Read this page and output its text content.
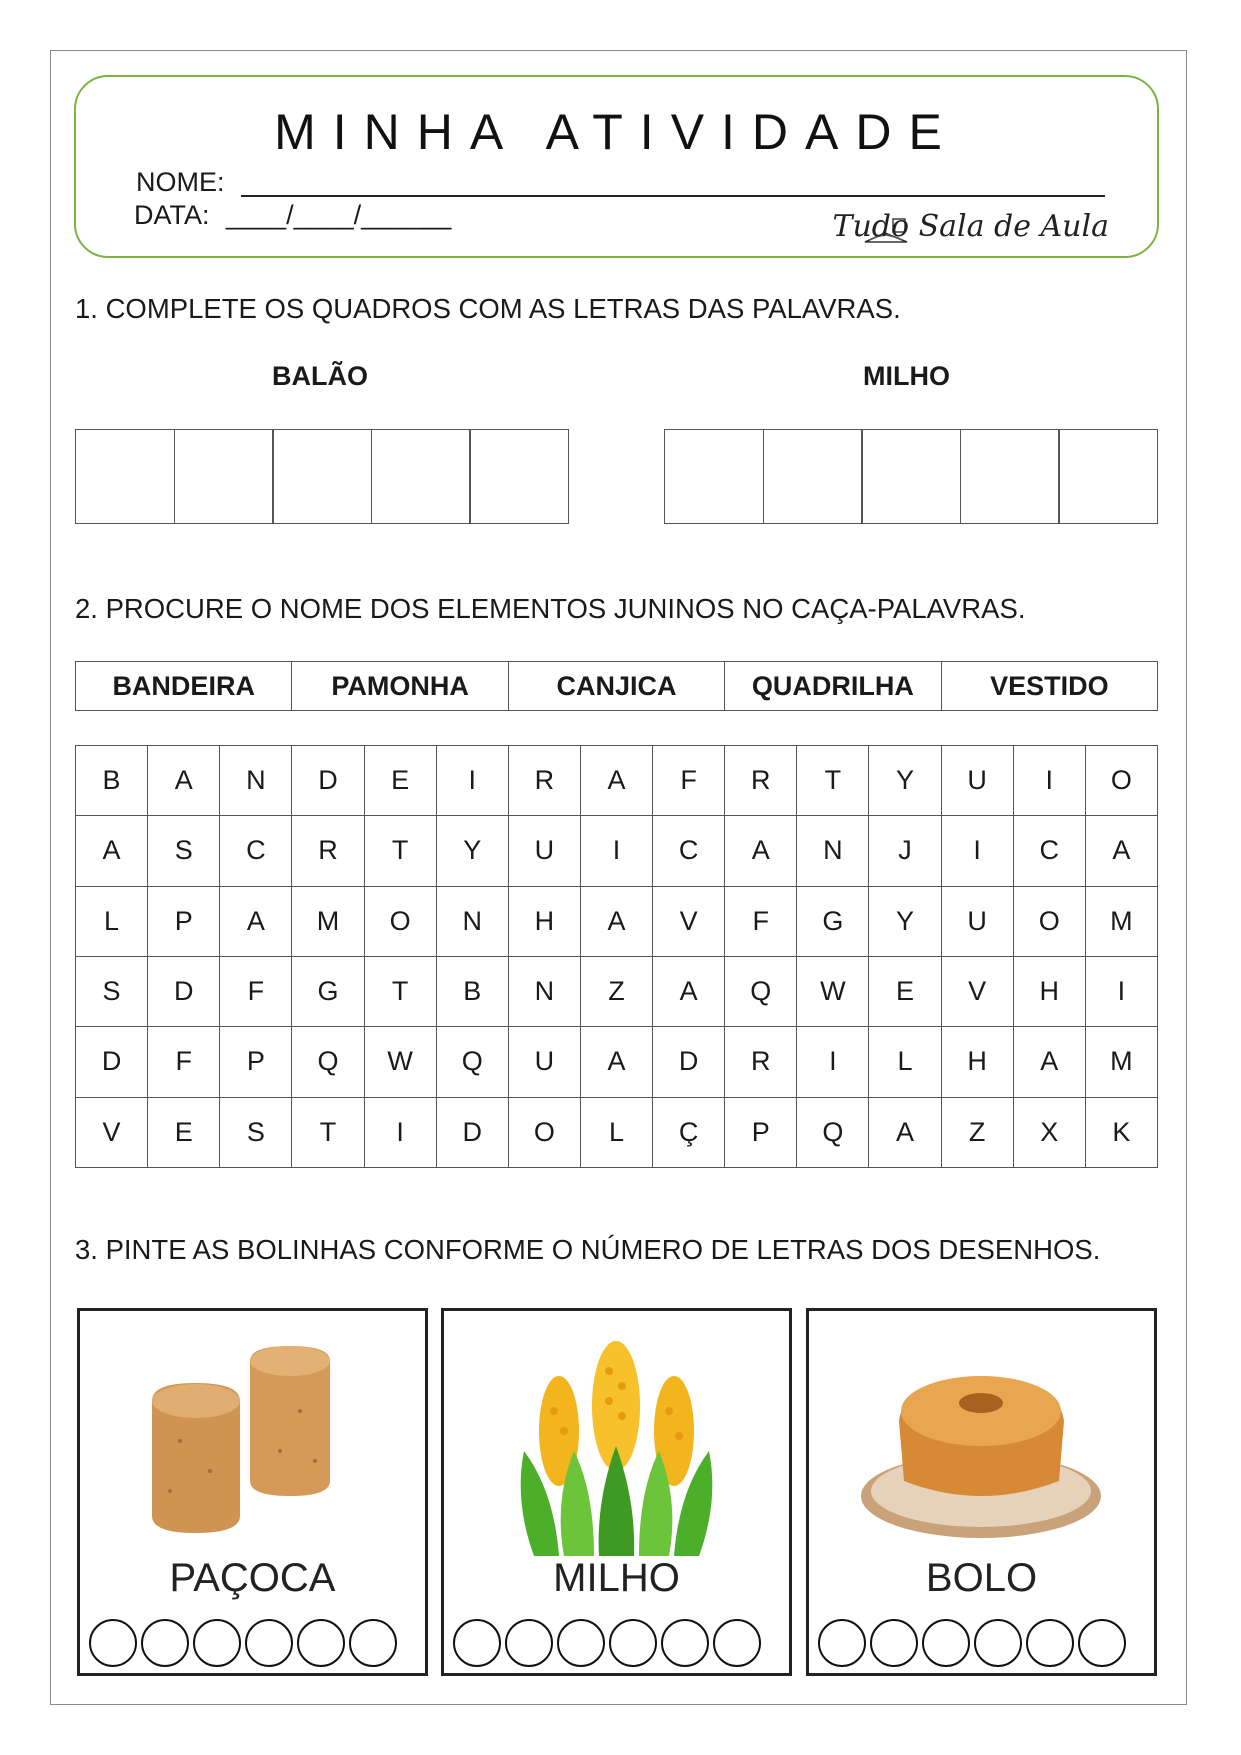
MINHA ATIVIDADE
NOME:
DATA: ____/____/______	Tudo Sala de Aula
1. COMPLETE OS QUADROS COM AS LETRAS DAS PALAVRAS.
BALÃO	MILHO
2. PROCURE O NOME DOS ELEMENTOS JUNINOS NO CAÇA-PALAVRAS.
BANDEIRA	PAMONHA	CANJICA	QUADRILHA	VESTIDO
B	A	N	D	E	I	R	A	F	R	T	Y	U	I	O
A	S	C	R	T	Y	U	I	C	A	N	J	I	C	A
L	P	A	M	O	N	H	A	V	F	G	Y	U	O	M
S	D	F	G	T	B	N	Z	A	Q	W	E	V	H	I
D	F	P	Q	W	Q	U	A	D	R	I	L	H	A	M
V	E	S	T	I	D	O	L	Ç	P	Q	A	Z	X	K
3. PINTE AS BOLINHAS CONFORME O NÚMERO DE LETRAS DOS DESENHOS.
PAÇOCA	MILHO	BOLO
